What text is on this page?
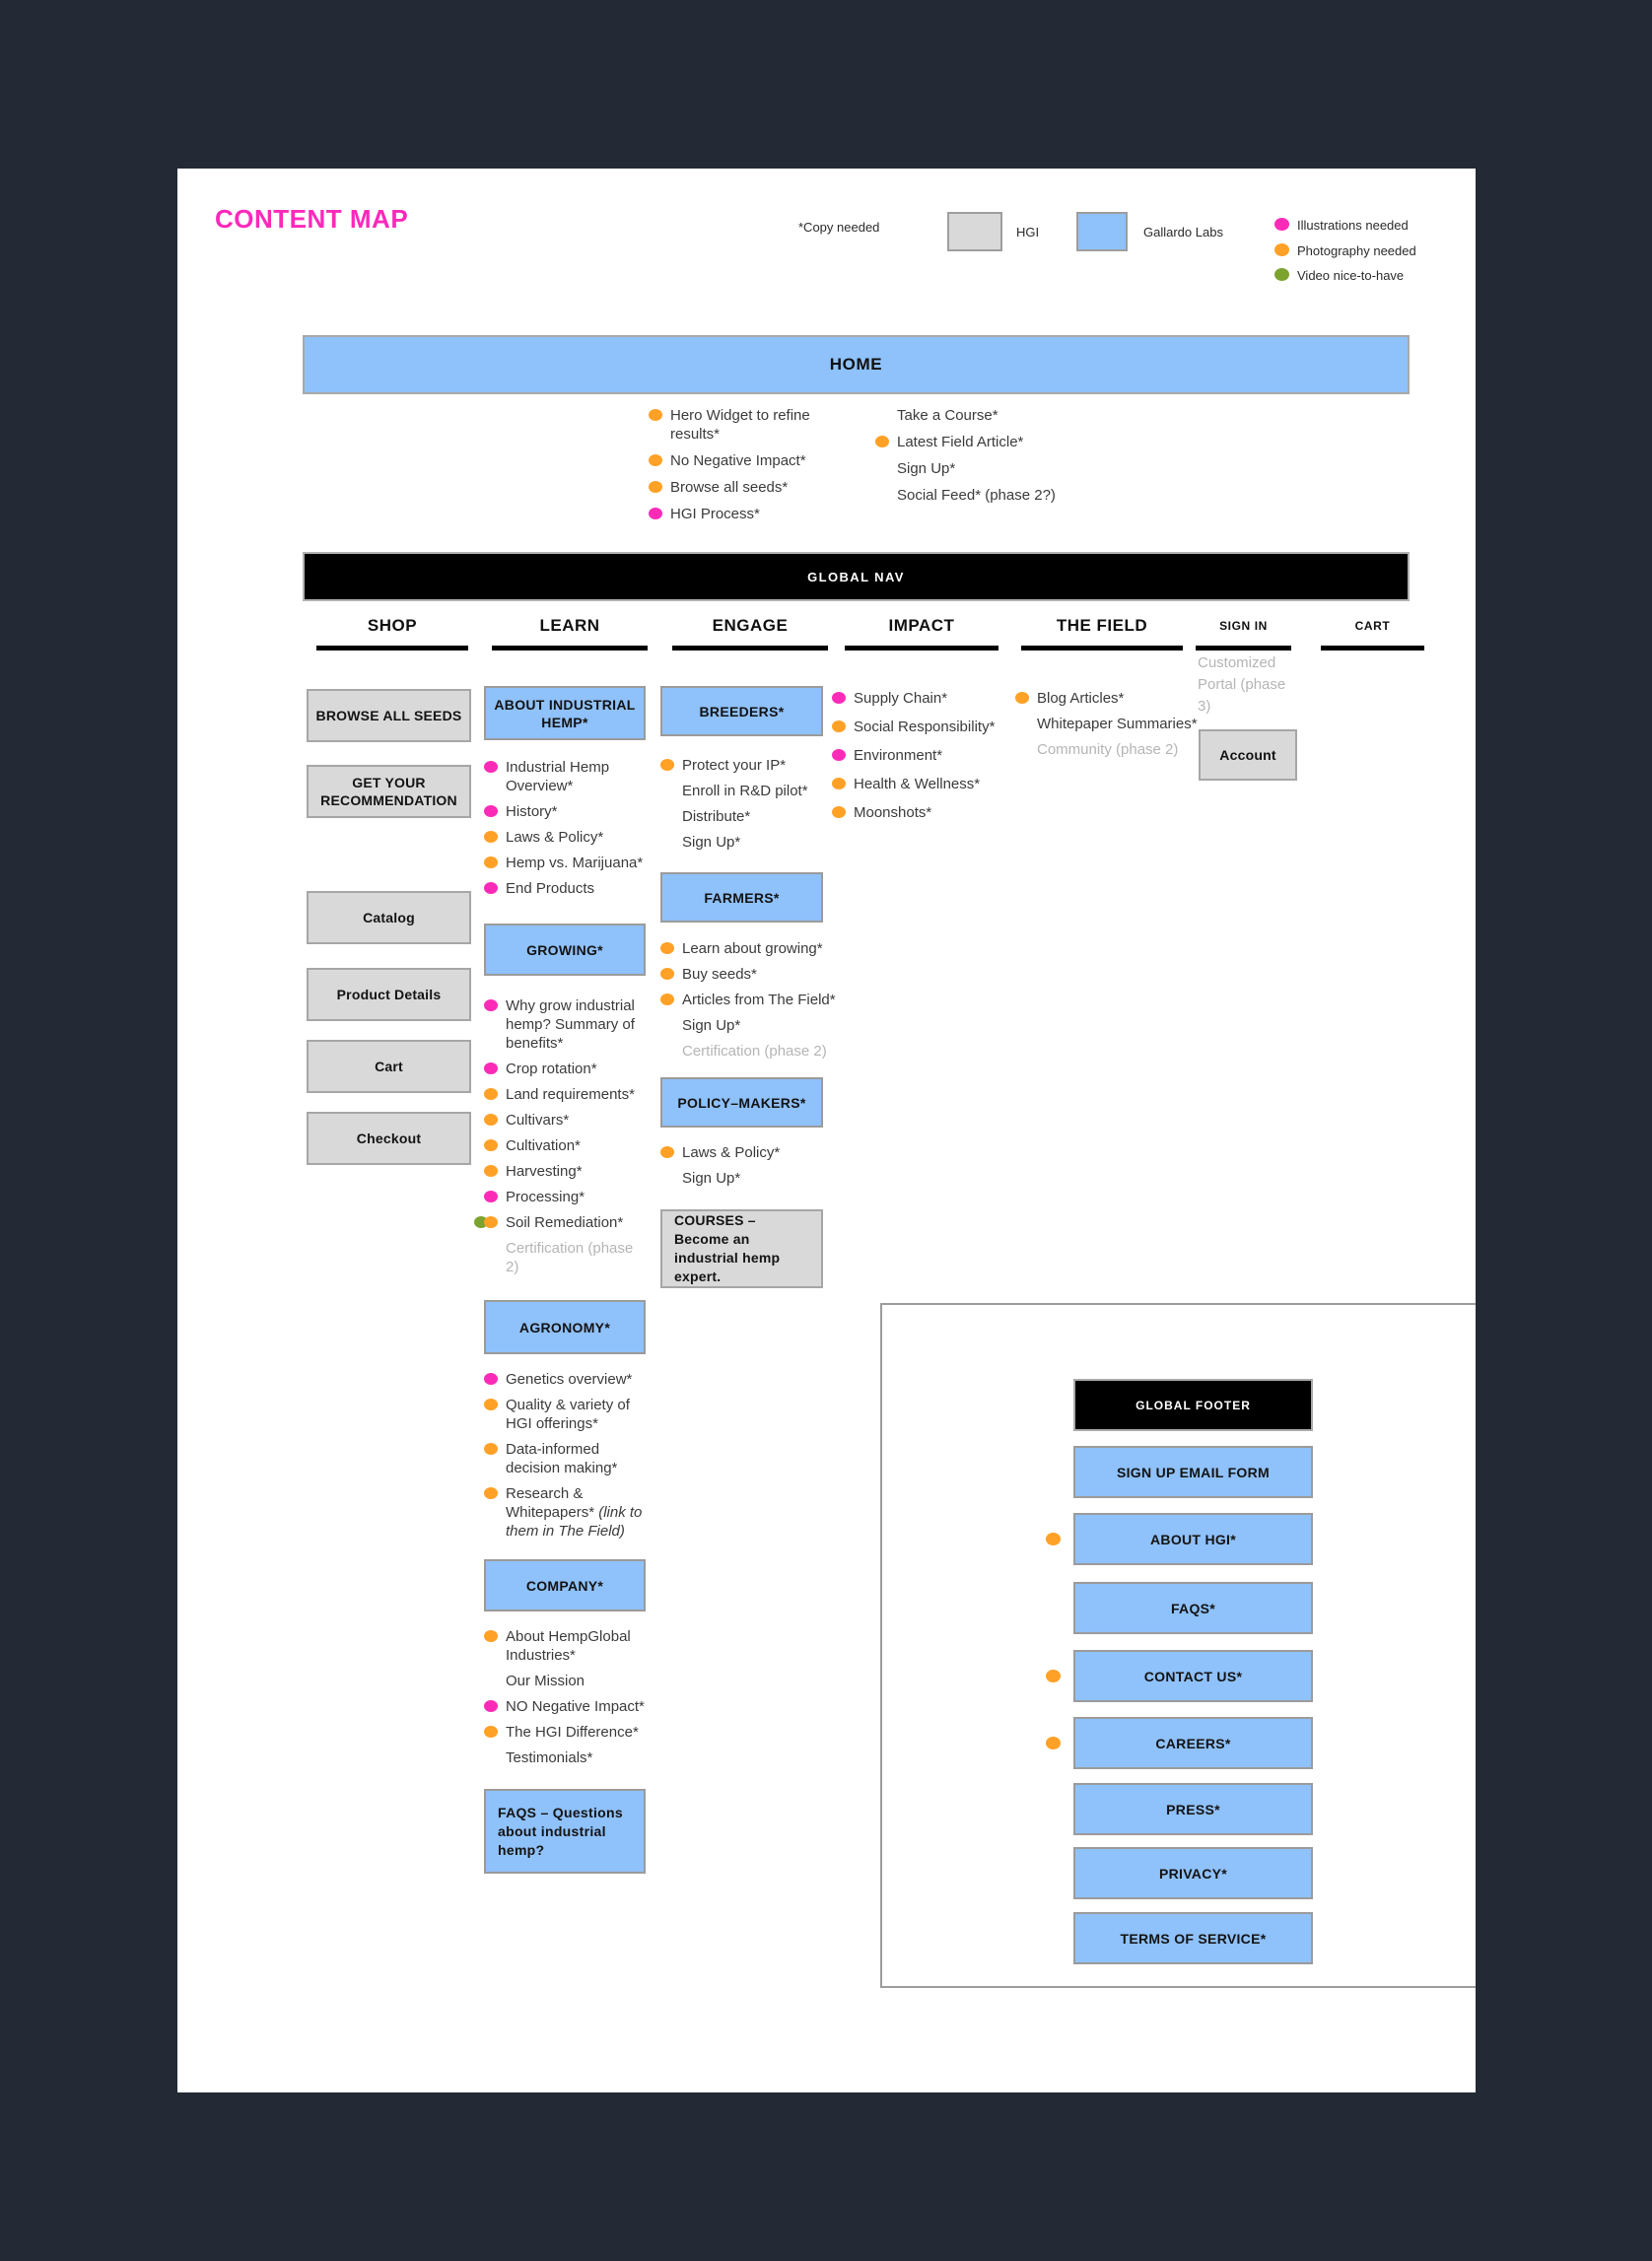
CONTENT MAP	*Copy needed	HGI	Gallardo Labs	Illustrations needed
Photography needed
Video nice-to-have
HOME
Hero Widget to refine results*
No Negative Impact*
Browse all seeds*
HGI Process*
Take a Course*
Latest Field Article*
Sign Up*
Social Feed* (phase 2?)
GLOBAL NAV
SHOP	LEARN	ENGAGE	IMPACT	THE FIELD	SIGN IN	CART
BROWSE ALL SEEDS
GET YOUR RECOMMENDATION
Catalog
Product Details
Cart
Checkout
ABOUT INDUSTRIAL HEMP*
Industrial Hemp Overview*
History*
Laws & Policy*
Hemp vs. Marijuana*
End Products
GROWING*
Why grow industrial hemp? Summary of benefits*
Crop rotation*
Land requirements*
Cultivars*
Cultivation*
Harvesting*
Processing*
Soil Remediation*
Certification (phase 2)
AGRONOMY*
Genetics overview*
Quality & variety of HGI offerings*
Data-informed decision making*
Research & Whitepapers* (link to them in The Field)
COMPANY*
About HempGlobal Industries*
Our Mission
NO Negative Impact*
The HGI Difference*
Testimonials*
FAQS – Questions about industrial hemp?
BREEDERS*
Protect your IP*
Enroll in R&D pilot*
Distribute*
Sign Up*
FARMERS*
Learn about growing*
Buy seeds*
Articles from The Field*
Sign Up*
Certification (phase 2)
POLICY–MAKERS*
Laws & Policy*
Sign Up*
COURSES – Become an industrial hemp expert.
Supply Chain*
Social Responsibility*
Environment*
Health & Wellness*
Moonshots*
Blog Articles*
Whitepaper Summaries*
Community (phase 2)
Customized Portal (phase 3)
Account
GLOBAL FOOTER
SIGN UP EMAIL FORM
ABOUT HGI*
FAQS*
CONTACT US*
CAREERS*
PRESS*
PRIVACY*
TERMS OF SERVICE*
